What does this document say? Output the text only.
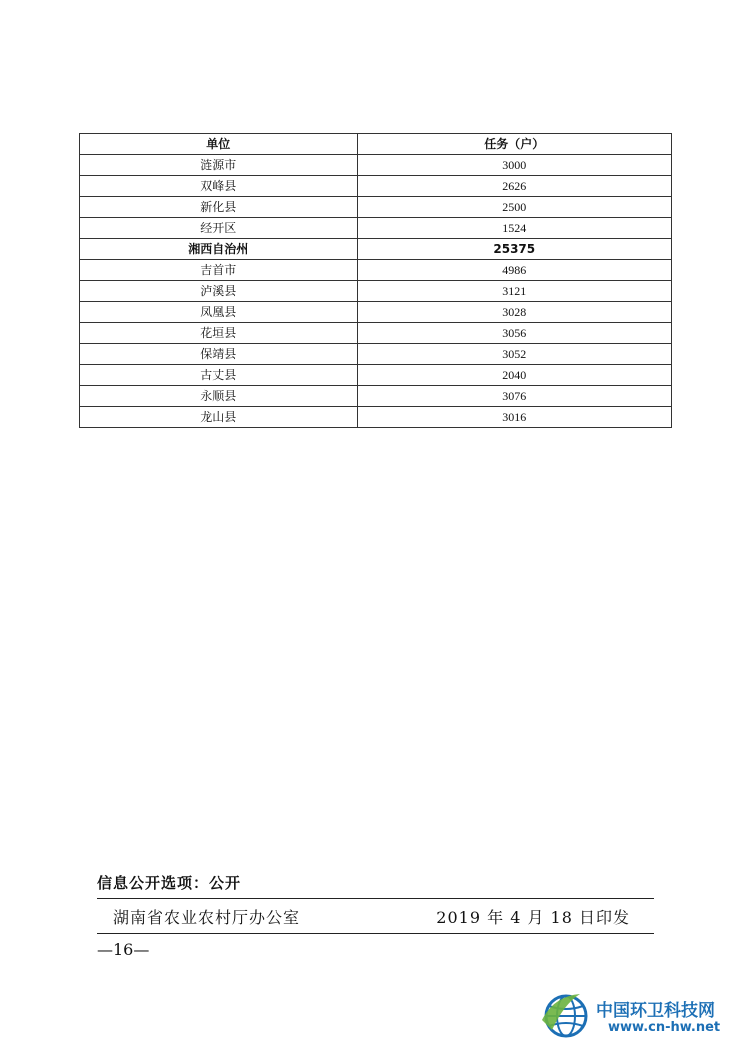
单位	任务（户）
涟源市	3000
双峰县	2626
新化县	2500
经开区	1524
湘西自治州	25375
吉首市	4986
泸溪县	3121
凤凰县	3028
花垣县	3056
保靖县	3052
古丈县	2040
永顺县	3076
龙山县	3016
信息公开选项：公开
湖南省农业农村厅办公室	2019 年 4 月 18 日印发
—16—
中国环卫科技网
www.cn-hw.net
